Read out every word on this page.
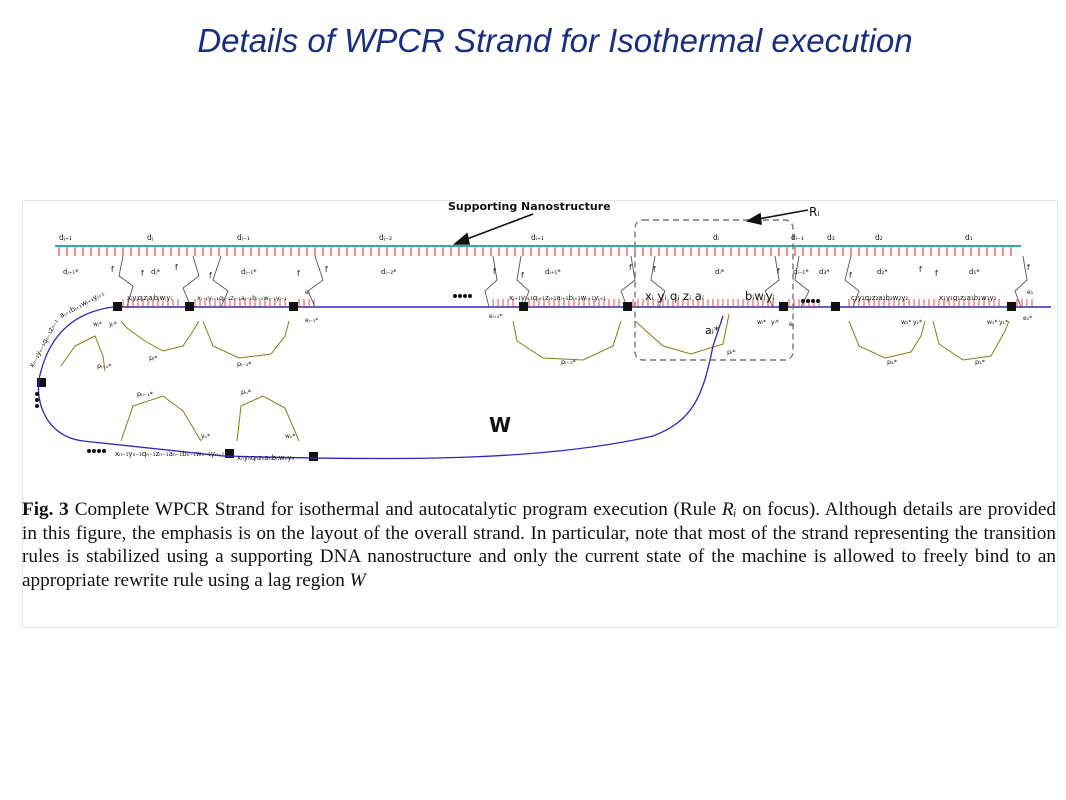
Details of WPCR Strand for Isothermal execution
Supporting Nanostructure	Rᵢ
W
dⱼ₊₁	dⱼ	dⱼ₋₁	dⱼ₋₂	dᵢ₊₁	dᵢ	dᵢ₋₁	d₃	d₂	d₁
dⱼ₊₁*	dⱼ*	dⱼ₋₁*	dⱼ₋₂*	dᵢ₊₁*	dᵢ*	dᵢ₋₁* d₃*	d₂*	d₁*
xⱼyⱼqⱼzⱼaⱼbⱼwⱼyⱼ	xⱼ₋₁yⱼ₋₁qⱼ₋₁zⱼ₋₁aⱼ₋₁bⱼ₋₁wⱼ₋₁yⱼ₋₁	xᵢ₊₁yᵢ₊₁qᵢ₊₁zᵢ₊₁aᵢ₊₁bᵢ₊₁wᵢ₊₁yᵢ₊₁	c₂y₂q₂z₂a₂b₂w₂y₂	x₁y₁q₁z₁a₁b₁w₁y₁
xᵢ yᵢ qᵢ zᵢ aᵢ	bᵢwᵢyᵢ
aᵢ*
aⱼ₊₁bⱼ₊₁wⱼ₊₁yⱼ₊₁
xₙ₋₁yₙ₋₁qₙ₋₁zₙ₋₁
xₙ₋₁yₙ₋₁qₙ₋₁zₙ₋₁aₙ₋₁bₙ₋₁wₙ₋₁yₙ₋₁ xₙyₙqₙzₙaₙbₙwₙyₙ
pⱼ*
pⱼ₋₁*	pᵢ₊₁*
pᵢ*
p₂*	p₁*
pₙ₋₁*	pₙ*
pⱼ₊₁*
eⱼ
eⱼ₋₁*
eᵢ₊₂*
eᵢ
e₁
e₁*
wⱼ* yⱼ*	wᵢ* yᵢ*	w₂* y₂*	w₁* y₁*
yₙ*	wₙ*
f	f
f
f	f	f	f	f
f	f	f	f
f f
f
Fig. 3 Complete WPCR Strand for isothermal and autocatalytic program execution (Rule Rᵢ on focus). Although details are provided in this figure, the emphasis is on the layout of the overall strand. In particular, note that most of the strand representing the transition rules is stabilized using a supporting DNA nanostructure and only the current state of the machine is allowed to freely bind to an appropriate rewrite rule using a lag region W
